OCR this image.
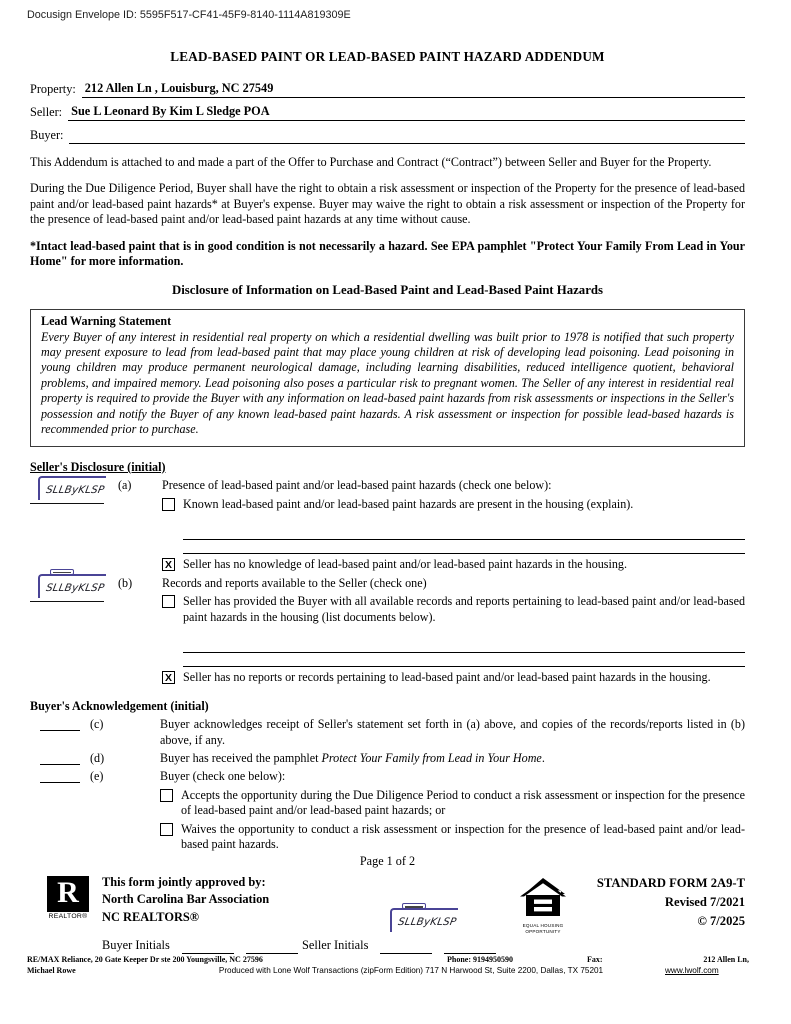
Docusign Envelope ID: 5595F517-CF41-45F9-8140-1114A819309E
LEAD-BASED PAINT OR LEAD-BASED PAINT HAZARD ADDENDUM
Property: 212 Allen Ln , Louisburg, NC 27549
Seller: Sue L Leonard By Kim L Sledge POA
Buyer:
This Addendum is attached to and made a part of the Offer to Purchase and Contract (“Contract”) between Seller and Buyer for the Property.
During the Due Diligence Period, Buyer shall have the right to obtain a risk assessment or inspection of the Property for the presence of lead-based paint and/or lead-based paint hazards* at Buyer's expense. Buyer may waive the right to obtain a risk assessment or inspection of the Property for the presence of lead-based paint and/or lead-based paint hazards at any time without cause.
*Intact lead-based paint that is in good condition is not necessarily a hazard. See EPA pamphlet "Protect Your Family From Lead in Your Home" for more information.
Disclosure of Information on Lead-Based Paint and Lead-Based Paint Hazards
Lead Warning Statement
Every Buyer of any interest in residential real property on which a residential dwelling was built prior to 1978 is notified that such property may present exposure to lead from lead-based paint that may place young children at risk of developing lead poisoning. Lead poisoning in young children may produce permanent neurological damage, including learning disabilities, reduced intelligence quotient, behavioral problems, and impaired memory. Lead poisoning also poses a particular risk to pregnant women. The Seller of any interest in residential real property is required to provide the Buyer with any information on lead-based paint hazards from risk assessments or inspections in the Seller's possession and notify the Buyer of any known lead-based paint hazards. A risk assessment or inspection for possible lead-based hazards is recommended prior to purchase.
Seller's Disclosure (initial)
SLLByKLSP (a)	Presence of lead-based paint and/or lead-based paint hazards (check one below):
Known lead-based paint and/or lead-based paint hazards are present in the housing (explain).
X Seller has no knowledge of lead-based paint and/or lead-based paint hazards in the housing.
SLLByKLSP (b)	Records and reports available to the Seller (check one)
Seller has provided the Buyer with all available records and reports pertaining to lead-based paint and/or lead-based paint hazards in the housing (list documents below).
X Seller has no reports or records pertaining to lead-based paint and/or lead-based paint hazards in the housing.
Buyer's Acknowledgement (initial)
(c)	Buyer acknowledges receipt of Seller's statement set forth in (a) above, and copies of the records/reports listed in (b) above, if any.
(d)	Buyer has received the pamphlet Protect Your Family from Lead in Your Home.
(e)	Buyer (check one below):
Accepts the opportunity during the Due Diligence Period to conduct a risk assessment or inspection for the presence of lead-based paint and/or lead-based paint hazards; or
Waives the opportunity to conduct a risk assessment or inspection for the presence of lead-based paint and/or lead-based paint hazards.
Page 1 of 2
R
REALTOR®
This form jointly approved by:
North Carolina Bar Association
NC REALTORS®
Buyer Initials	Seller Initials
SLLByKLSP	EQUAL HOUSING
OPPORTUNITY
STANDARD FORM 2A9-T
Revised 7/2021
© 7/2025
RE/MAX Reliance, 20 Gate Keeper Dr ste 200 Youngsville, NC 27596	Phone: 9194950590	Fax:	212 Allen Ln,
Michael Rowe	Produced with Lone Wolf Transactions (zipForm Edition) 717 N Harwood St, Suite 2200, Dallas, TX 75201	www.lwolf.com
